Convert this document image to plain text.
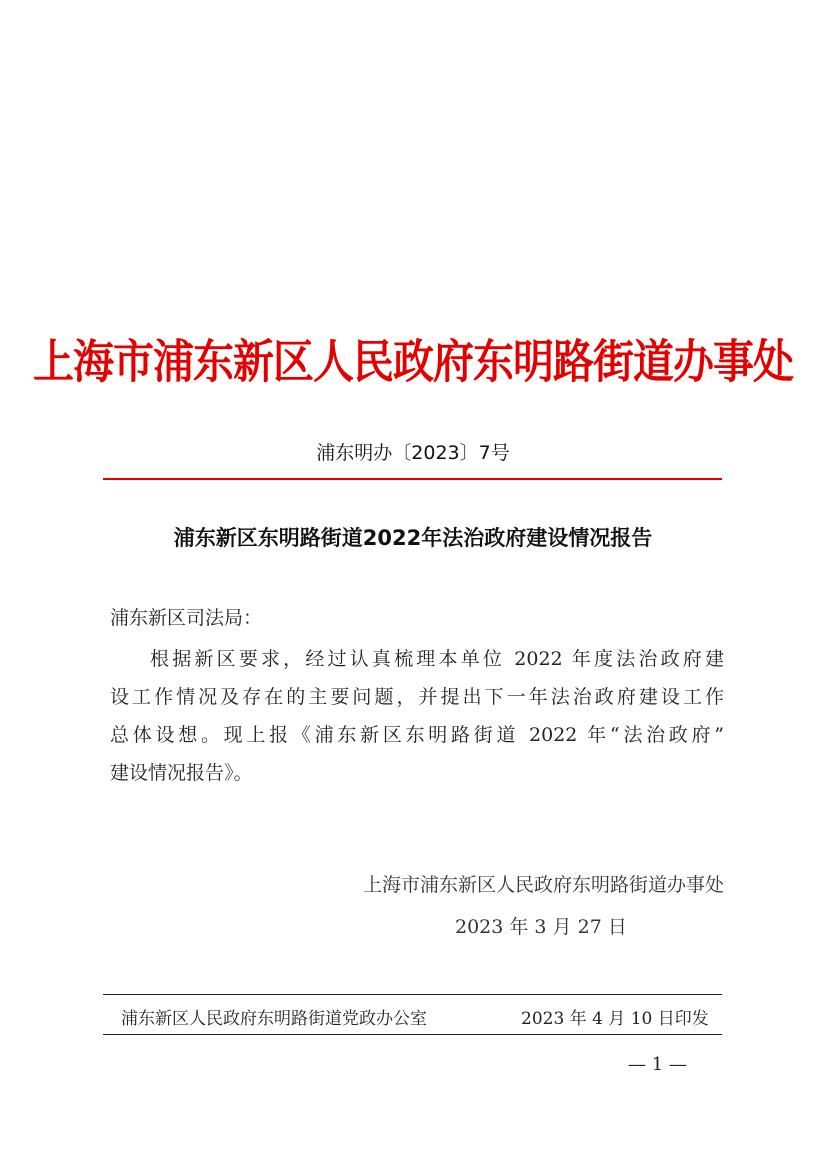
上海市浦东新区人民政府东明路街道办事处
浦东明办〔2023〕7号
浦东新区东明路街道2022年法治政府建设情况报告
浦东新区司法局：
根据新区要求，经过认真梳理本单位 2022 年度法治政府建
设工作情况及存在的主要问题，并提出下一年法治政府建设工作
总体设想。现上报《浦东新区东明路街道 2022 年“法治政府”
建设情况报告》。
上海市浦东新区人民政府东明路街道办事处
2023 年 3 月 27 日
浦东新区人民政府东明路街道党政办公室	2023 年 4 月 10 日印发
— 1 —
